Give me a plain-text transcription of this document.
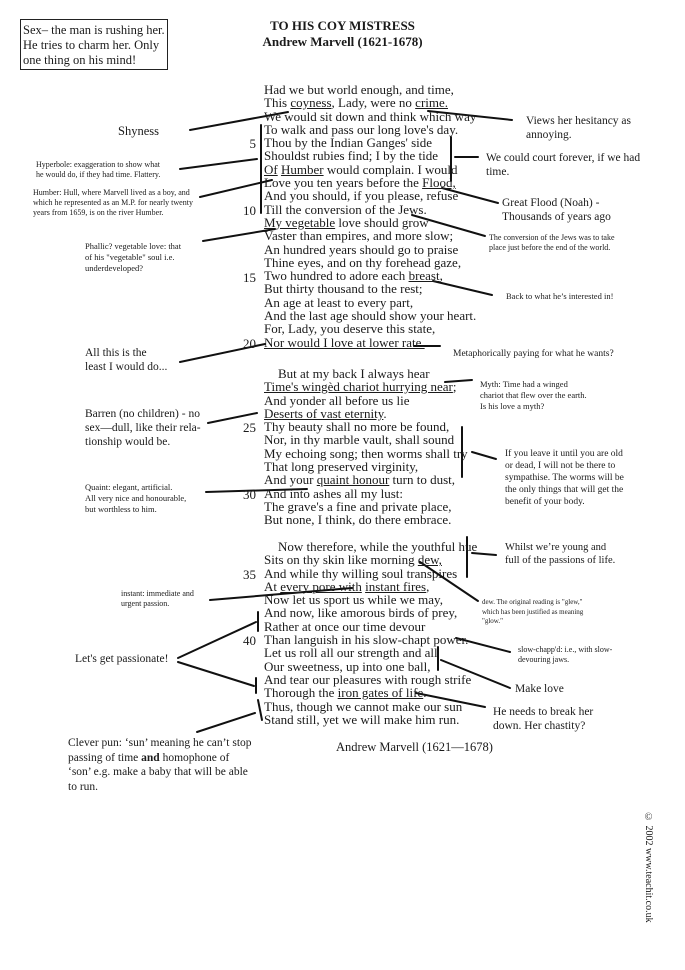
TO HIS COY MISTRESS
Andrew Marvell (1621-1678)
Sex– the man is rushing her.
He tries to charm her. Only
one thing on his mind!
Had we but world enough, and time,
This coyness, Lady, were no crime.
We would sit down and think which way
To walk and pass our long love's day.
Thou by the Indian Ganges' side
Shouldst rubies find; I by the tide
Of Humber would complain. I would
Love you ten years before the Flood,
And you should, if you please, refuse
Till the conversion of the Jews.
My vegetable love should grow
Vaster than empires, and more slow;
An hundred years should go to praise
Thine eyes, and on thy forehead gaze,
Two hundred to adore each breast,
But thirty thousand to the rest;
An age at least to every part,
And the last age should show your heart.
For, Lady, you deserve this state,
Nor would I love at lower rate.
But at my back I always hear
Time's wingèd chariot hurrying near;
And yonder all before us lie
Deserts of vast eternity.
Thy beauty shall no more be found,
Nor, in thy marble vault, shall sound
My echoing song; then worms shall try
That long preserved virginity,
And your quaint honour turn to dust,
And into ashes all my lust:
The grave's a fine and private place,
But none, I think, do there embrace.
Now therefore, while the youthful hue
Sits on thy skin like morning dew,
And while thy willing soul transpires
At every pore with instant fires,
Now let us sport us while we may,
And now, like amorous birds of prey,
Rather at once our time devour
Than languish in his slow-chapt power.
Let us roll all our strength and all
Our sweetness, up into one ball,
And tear our pleasures with rough strife
Thorough the iron gates of life.
Thus, though we cannot make our sun
Stand still, yet we will make him run.
5
10
15
20
25
30
35
40
Andrew Marvell (1621—1678)
Shyness
Hyperbole: exaggeration to show what
he would do, if they had time. Flattery.
Humber: Hull, where Marvell lived as a boy, and
which he represented as an M.P. for nearly twenty
years from 1659, is on the river Humber.
Phallic? vegetable love: that
of his "vegetable" soul i.e.
underdeveloped?
All this is the
least I would do...
Barren (no children) - no
sex—dull, like their rela-
tionship would be.
Quaint: elegant, artificial.
All very nice and honourable,
but worthless to him.
instant: immediate and
urgent passion.
Let's get passionate!
Clever pun: ‘sun’ meaning he can’t stop
passing of time and homophone of
‘son’ e.g. make a baby that will be able
to run.
Views her hesitancy as
annoying.
We could court forever, if we had
time.
Great Flood (Noah) -
Thousands of years ago
The conversion of the Jews was to take
place just before the end of the world.
Back to what he’s interested in!
Metaphorically paying for what he wants?
Myth: Time had a winged
chariot that flew over the earth.
Is his love a myth?
If you leave it until you are old
or dead, I will not be there to
sympathise. The worms will be
the only things that will get the
benefit of your body.
Whilst we’re young and
full of the passions of life.
dew. The original reading is "glew,"
which has been justified as meaning
"glow."
slow-chapp'd: i.e., with slow-
devouring jaws.
Make love
He needs to break her
down. Her chastity?
© 2002 www.teachit.co.uk
